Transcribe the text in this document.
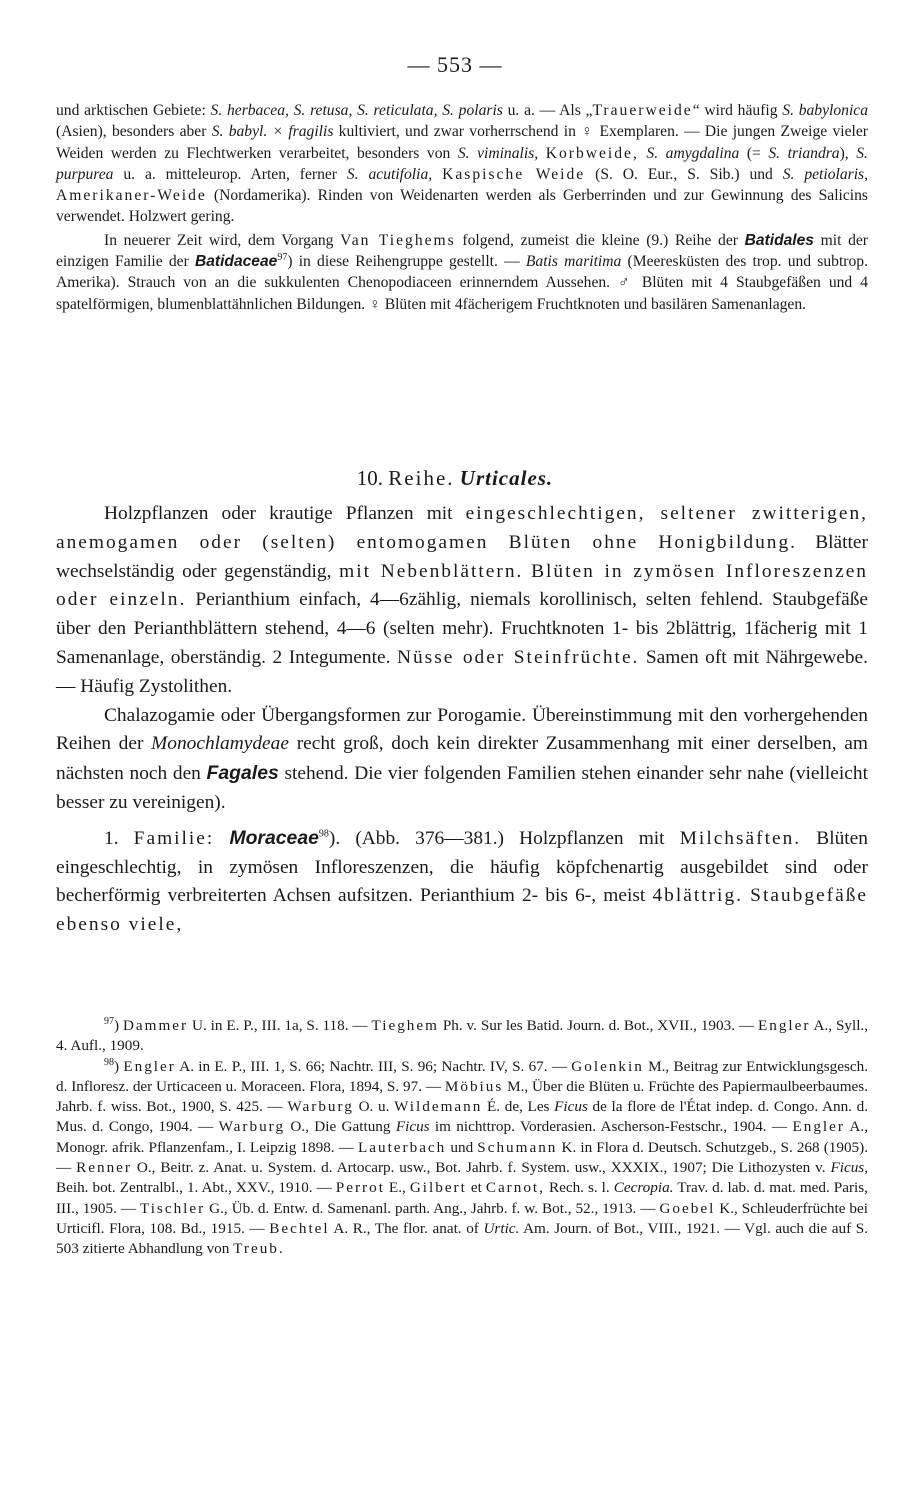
— 553 —

und arktischen Gebiete: S. herbacea, S. retusa, S. reticulata, S. polaris u. a. — Als „Trauerweide“ wird häufig S. babylonica (Asien), besonders aber S. babyl. × fragilis kultiviert, und zwar vorherrschend in ♀ Exemplaren. — Die jungen Zweige vieler Weiden werden zu Flechtwerken verarbeitet, besonders von S. viminalis, Korbweide, S. amygdalina (= S. triandra), S. purpurea u. a. mitteleurop. Arten, ferner S. acutifolia, Kaspische Weide (S. O. Eur., S. Sib.) und S. petiolaris, Amerikaner-Weide (Nordamerika). Rinden von Weidenarten werden als Gerberrinden und zur Gewinnung des Salicins verwendet. Holzwert gering.

In neuerer Zeit wird, dem Vorgang Van Tieghems folgend, zumeist die kleine (9.) Reihe der Batidales mit der einzigen Familie der Batidaceae$^{97}$) in diese Reihengruppe gestellt. — Batis maritima (Meeresküsten des trop. und subtrop. Amerika). Strauch von an die sukkulenten Chenopodiaceen erinnerndem Aussehen. ♂ Blüten mit 4 Staubgefäßen und 4 spatelförmigen, blumenblattähnlichen Bildungen. ♀ Blüten mit 4fächerigem Fruchtknoten und basilären Samenanlagen.

10. Reihe. Urticales.

Holzpflanzen oder krautige Pflanzen mit eingeschlechtigen, seltener zwitterigen, anemogamen oder (selten) entomogamen Blüten ohne Honigbildung. Blätter wechselständig oder gegenständig, mit Nebenblättern. Blüten in zymösen Infloreszenzen oder einzeln. Perianthium einfach, 4—6zählig, niemals korollinisch, selten fehlend. Staubgefäße über den Perianthblättern stehend, 4—6 (selten mehr). Fruchtknoten 1- bis 2blättrig, 1fächerig mit 1 Samenanlage, oberständig. 2 Integumente. Nüsse oder Steinfrüchte. Samen oft mit Nährgewebe. — Häufig Zystolithen.

Chalazogamie oder Übergangsformen zur Porogamie. Übereinstimmung mit den vorhergehenden Reihen der Monochlamydeae recht groß, doch kein direkter Zusammenhang mit einer derselben, am nächsten noch den Fagales stehend. Die vier folgenden Familien stehen einander sehr nahe (vielleicht besser zu vereinigen).

1. Familie: Moraceae$^{98}$). (Abb. 376—381.) Holzpflanzen mit Milchsäften. Blüten eingeschlechtig, in zymösen Infloreszenzen, die häufig köpfchenartig ausgebildet sind oder becherförmig verbreiterten Achsen aufsitzen. Perianthium 2- bis 6-, meist 4blättrig. Staubgefäße ebenso viele,

$^{97}$) Dammer U. in E. P., III. 1a, S. 118. — Tieghem Ph. v. Sur les Batid. Journ. d. Bot., XVII., 1903. — Engler A., Syll., 4. Aufl., 1909.

$^{98}$) Engler A. in E. P., III. 1, S. 66; Nachtr. III, S. 96; Nachtr. IV, S. 67. — Golenkin M., Beitrag zur Entwicklungsgesch. d. Infloresz. der Urticaceen u. Moraceen. Flora, 1894, S. 97. — Möbius M., Über die Blüten u. Früchte des Papiermaulbeerbaumes. Jahrb. f. wiss. Bot., 1900, S. 425. — Warburg O. u. Wildemann É. de, Les Ficus de la flore de l'État indep. d. Congo. Ann. d. Mus. d. Congo, 1904. — Warburg O., Die Gattung Ficus im nichttrop. Vorderasien. Ascherson-Festschr., 1904. — Engler A., Monogr. afrik. Pflanzenfam., I. Leipzig 1898. — Lauterbach und Schumann K. in Flora d. Deutsch. Schutzgeb., S. 268 (1905). — Renner O., Beitr. z. Anat. u. System. d. Artocarp. usw., Bot. Jahrb. f. System. usw., XXXIX., 1907; Die Lithozysten v. Ficus, Beih. bot. Zentralbl., 1. Abt., XXV., 1910. — Perrot E., Gilbert et Carnot, Rech. s. l. Cecropia. Trav. d. lab. d. mat. med. Paris, III., 1905. — Tischler G., Üb. d. Entw. d. Samenanl. parth. Ang., Jahrb. f. w. Bot., 52., 1913. — Goebel K., Schleuderfrüchte bei Urticifl. Flora, 108. Bd., 1915. — Bechtel A. R., The flor. anat. of Urtic. Am. Journ. of Bot., VIII., 1921. — Vgl. auch die auf S. 503 zitierte Abhandlung von Treub.
